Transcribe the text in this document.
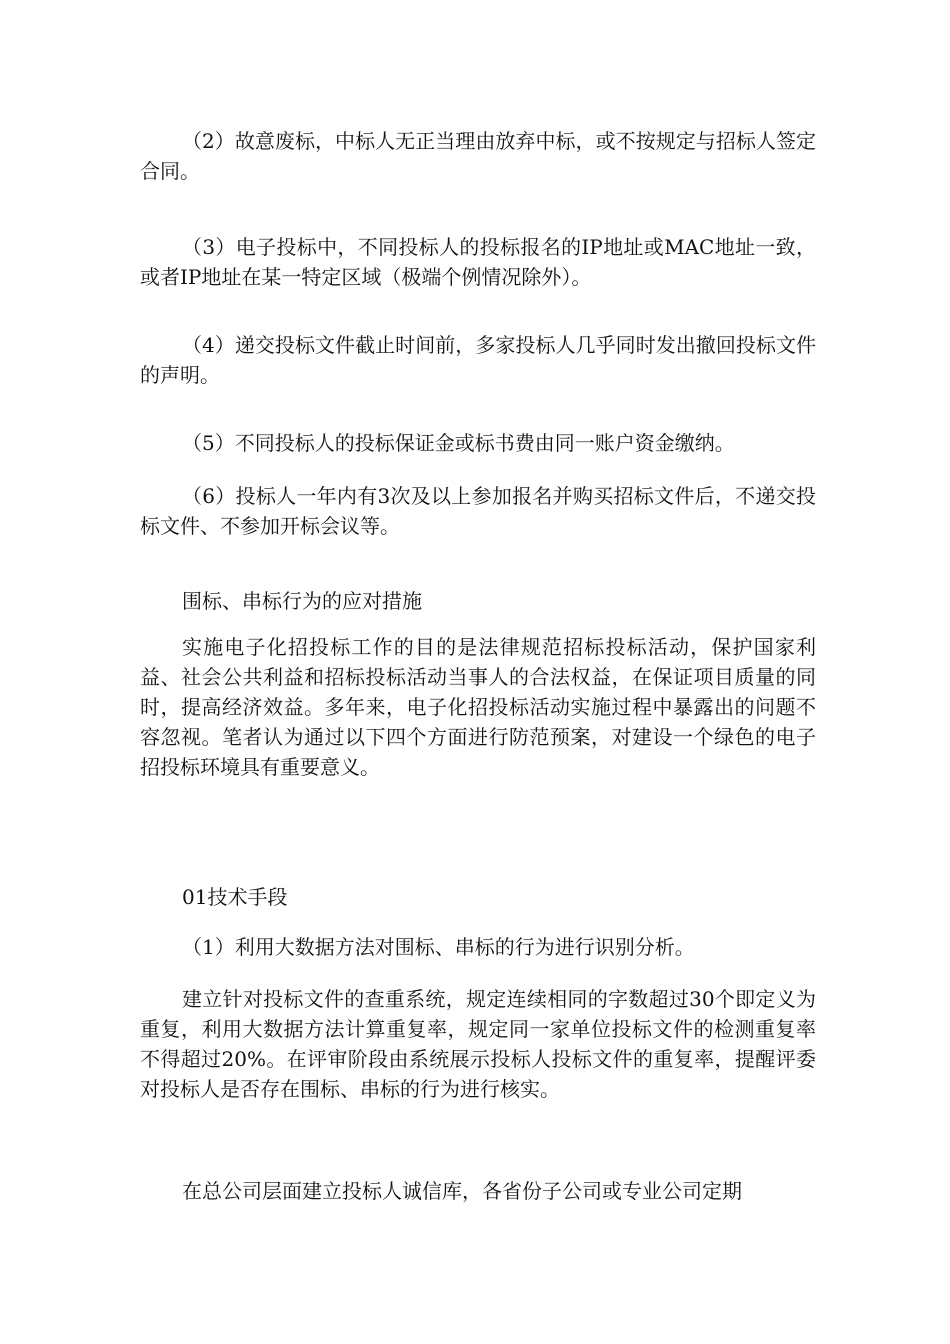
（2）故意废标，中标人无正当理由放弃中标，或不按规定与招标人签定合同。

（3）电子投标中，不同投标人的投标报名的IP地址或MAC地址一致，或者IP地址在某一特定区域（极端个例情况除外）。

（4）递交投标文件截止时间前，多家投标人几乎同时发出撤回投标文件的声明。

（5）不同投标人的投标保证金或标书费由同一账户资金缴纳。

（6）投标人一年内有3次及以上参加报名并购买招标文件后，不递交投标文件、不参加开标会议等。

围标、串标行为的应对措施

实施电子化招投标工作的目的是法律规范招标投标活动，保护国家利益、社会公共利益和招标投标活动当事人的合法权益，在保证项目质量的同时，提高经济效益。多年来，电子化招投标活动实施过程中暴露出的问题不容忽视。笔者认为通过以下四个方面进行防范预案，对建设一个绿色的电子招投标环境具有重要意义。

01技术手段

（1）利用大数据方法对围标、串标的行为进行识别分析。

建立针对投标文件的查重系统，规定连续相同的字数超过30个即定义为重复，利用大数据方法计算重复率，规定同一家单位投标文件的检测重复率不得超过20%。在评审阶段由系统展示投标人投标文件的重复率，提醒评委对投标人是否存在围标、串标的行为进行核实。

在总公司层面建立投标人诚信库，各省份子公司或专业公司定期
